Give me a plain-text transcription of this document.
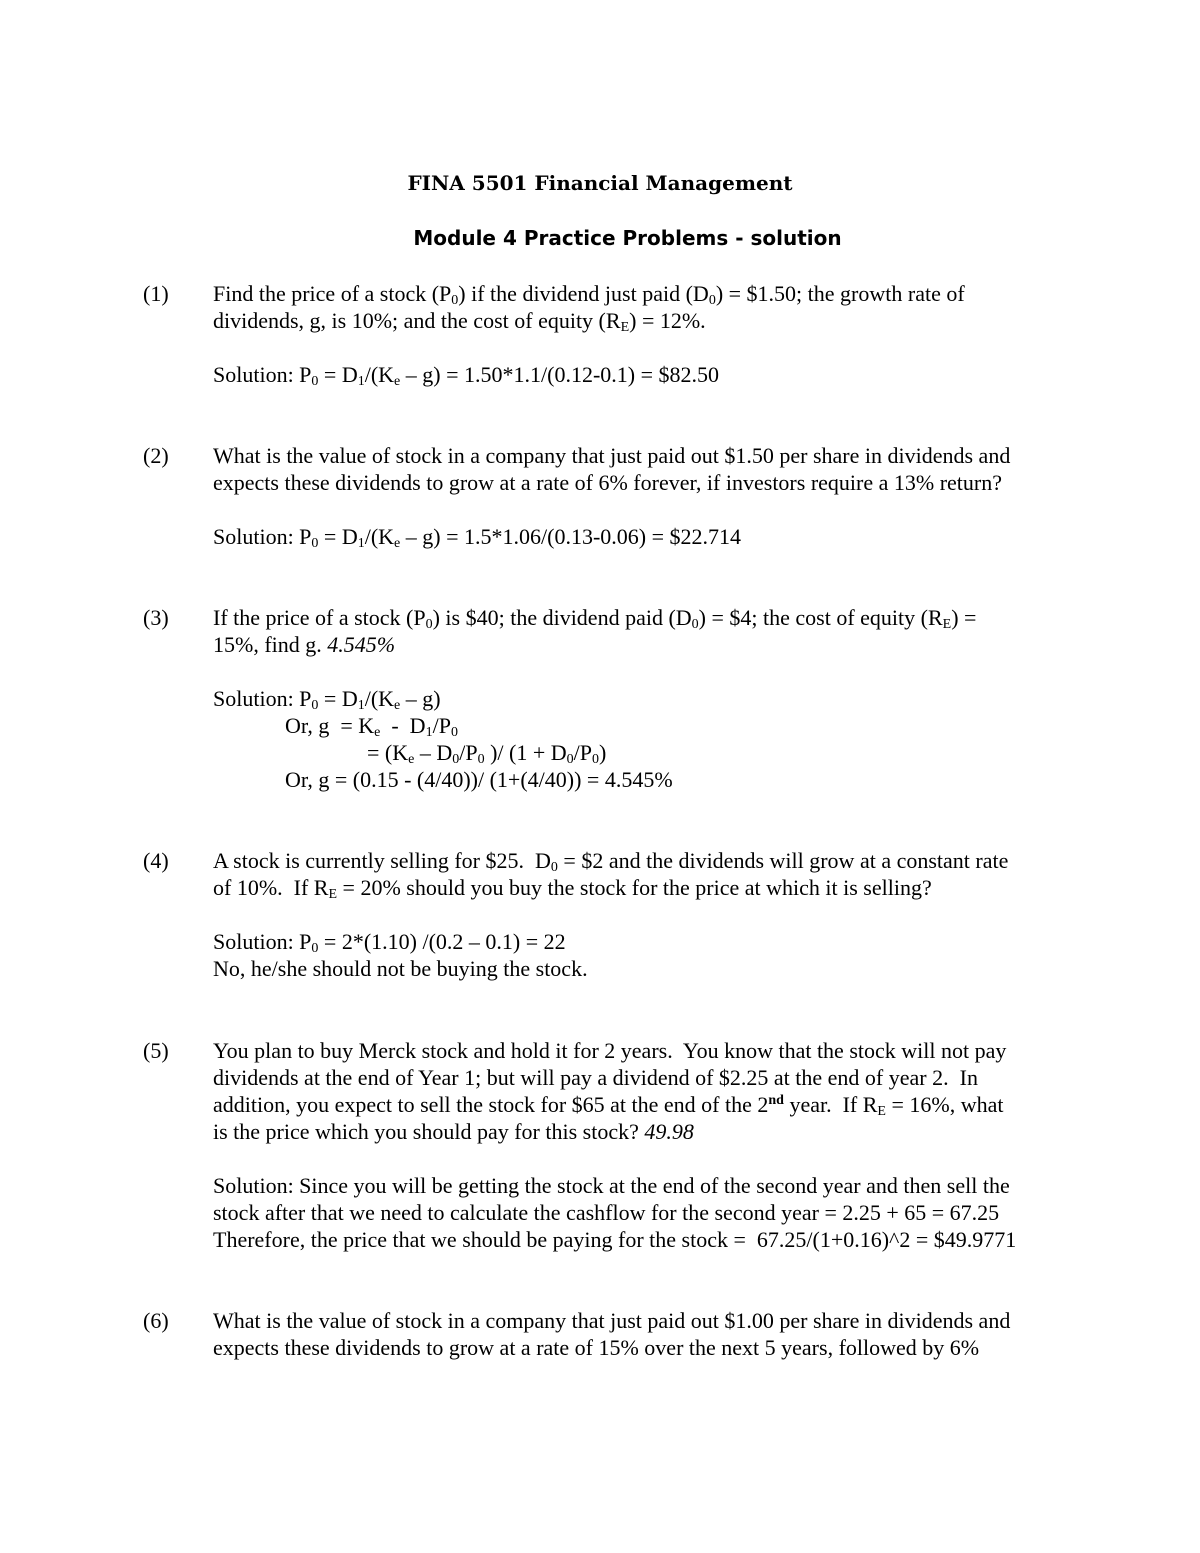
FINA 5501 Financial Management
Module 4 Practice Problems - solution
(1) Find the price of a stock $(P_0)$ if the dividend just paid $(D_0)$ = $1.50; the growth rate of
dividends, g, is 10%; and the cost of equity $(R_E) = 12\%$.
Solution: $P_0 = D_1/(K_e - g) = 1.50*1.1/(0.12-0.1)$ = $82.50
(2) What is the value of stock in a company that just paid out $1.50 per share in dividends and
expects these dividends to grow at a rate of 6% forever, if investors require a 13% return?
Solution: $P_0 = D_1/(K_e - g) = 1.5*1.06/(0.13-0.06)$ = $22.714
(3) If the price of a stock $(P_0)$ is $40; the dividend paid $(D_0)$ = $4; the cost of equity $(R_E)$ =
15%, find g. 4.545%
Solution: $P_0 = D_1/(K_e - g)$
Or, $g = K_e - D_1/P_0$
= ($K_e - D_0/P_0$ )/ $(1 + D_0/P_0)$
Or, g = (0.15 - (4/40))/ (1+(4/40)) = 4.545%
(4) A stock is currently selling for $25.  $D_0$ = $2 and the dividends will grow at a constant rate
of 10%.  If $R_E = 20\%$ should you buy the stock for the price at which it is selling?
Solution: $P_0 = 2*(1.10)$ /(0.2 – 0.1) = 22
No, he/she should not be buying the stock.
(5) You plan to buy Merck stock and hold it for 2 years.  You know that the stock will not pay
dividends at the end of Year 1; but will pay a dividend of $2.25 at the end of year 2.  In
addition, you expect to sell the stock for $65 at the end of the 2nd year.  If $R_E = 16\%$, what
is the price which you should pay for this stock? 49.98
Solution: Since you will be getting the stock at the end of the second year and then sell the
stock after that we need to calculate the cashflow for the second year = 2.25 + 65 = 67.25
Therefore, the price that we should be paying for the stock =  67.25/(1+0.16)^2 = $49.9771
(6) What is the value of stock in a company that just paid out $1.00 per share in dividends and
expects these dividends to grow at a rate of 15% over the next 5 years, followed by 6%
